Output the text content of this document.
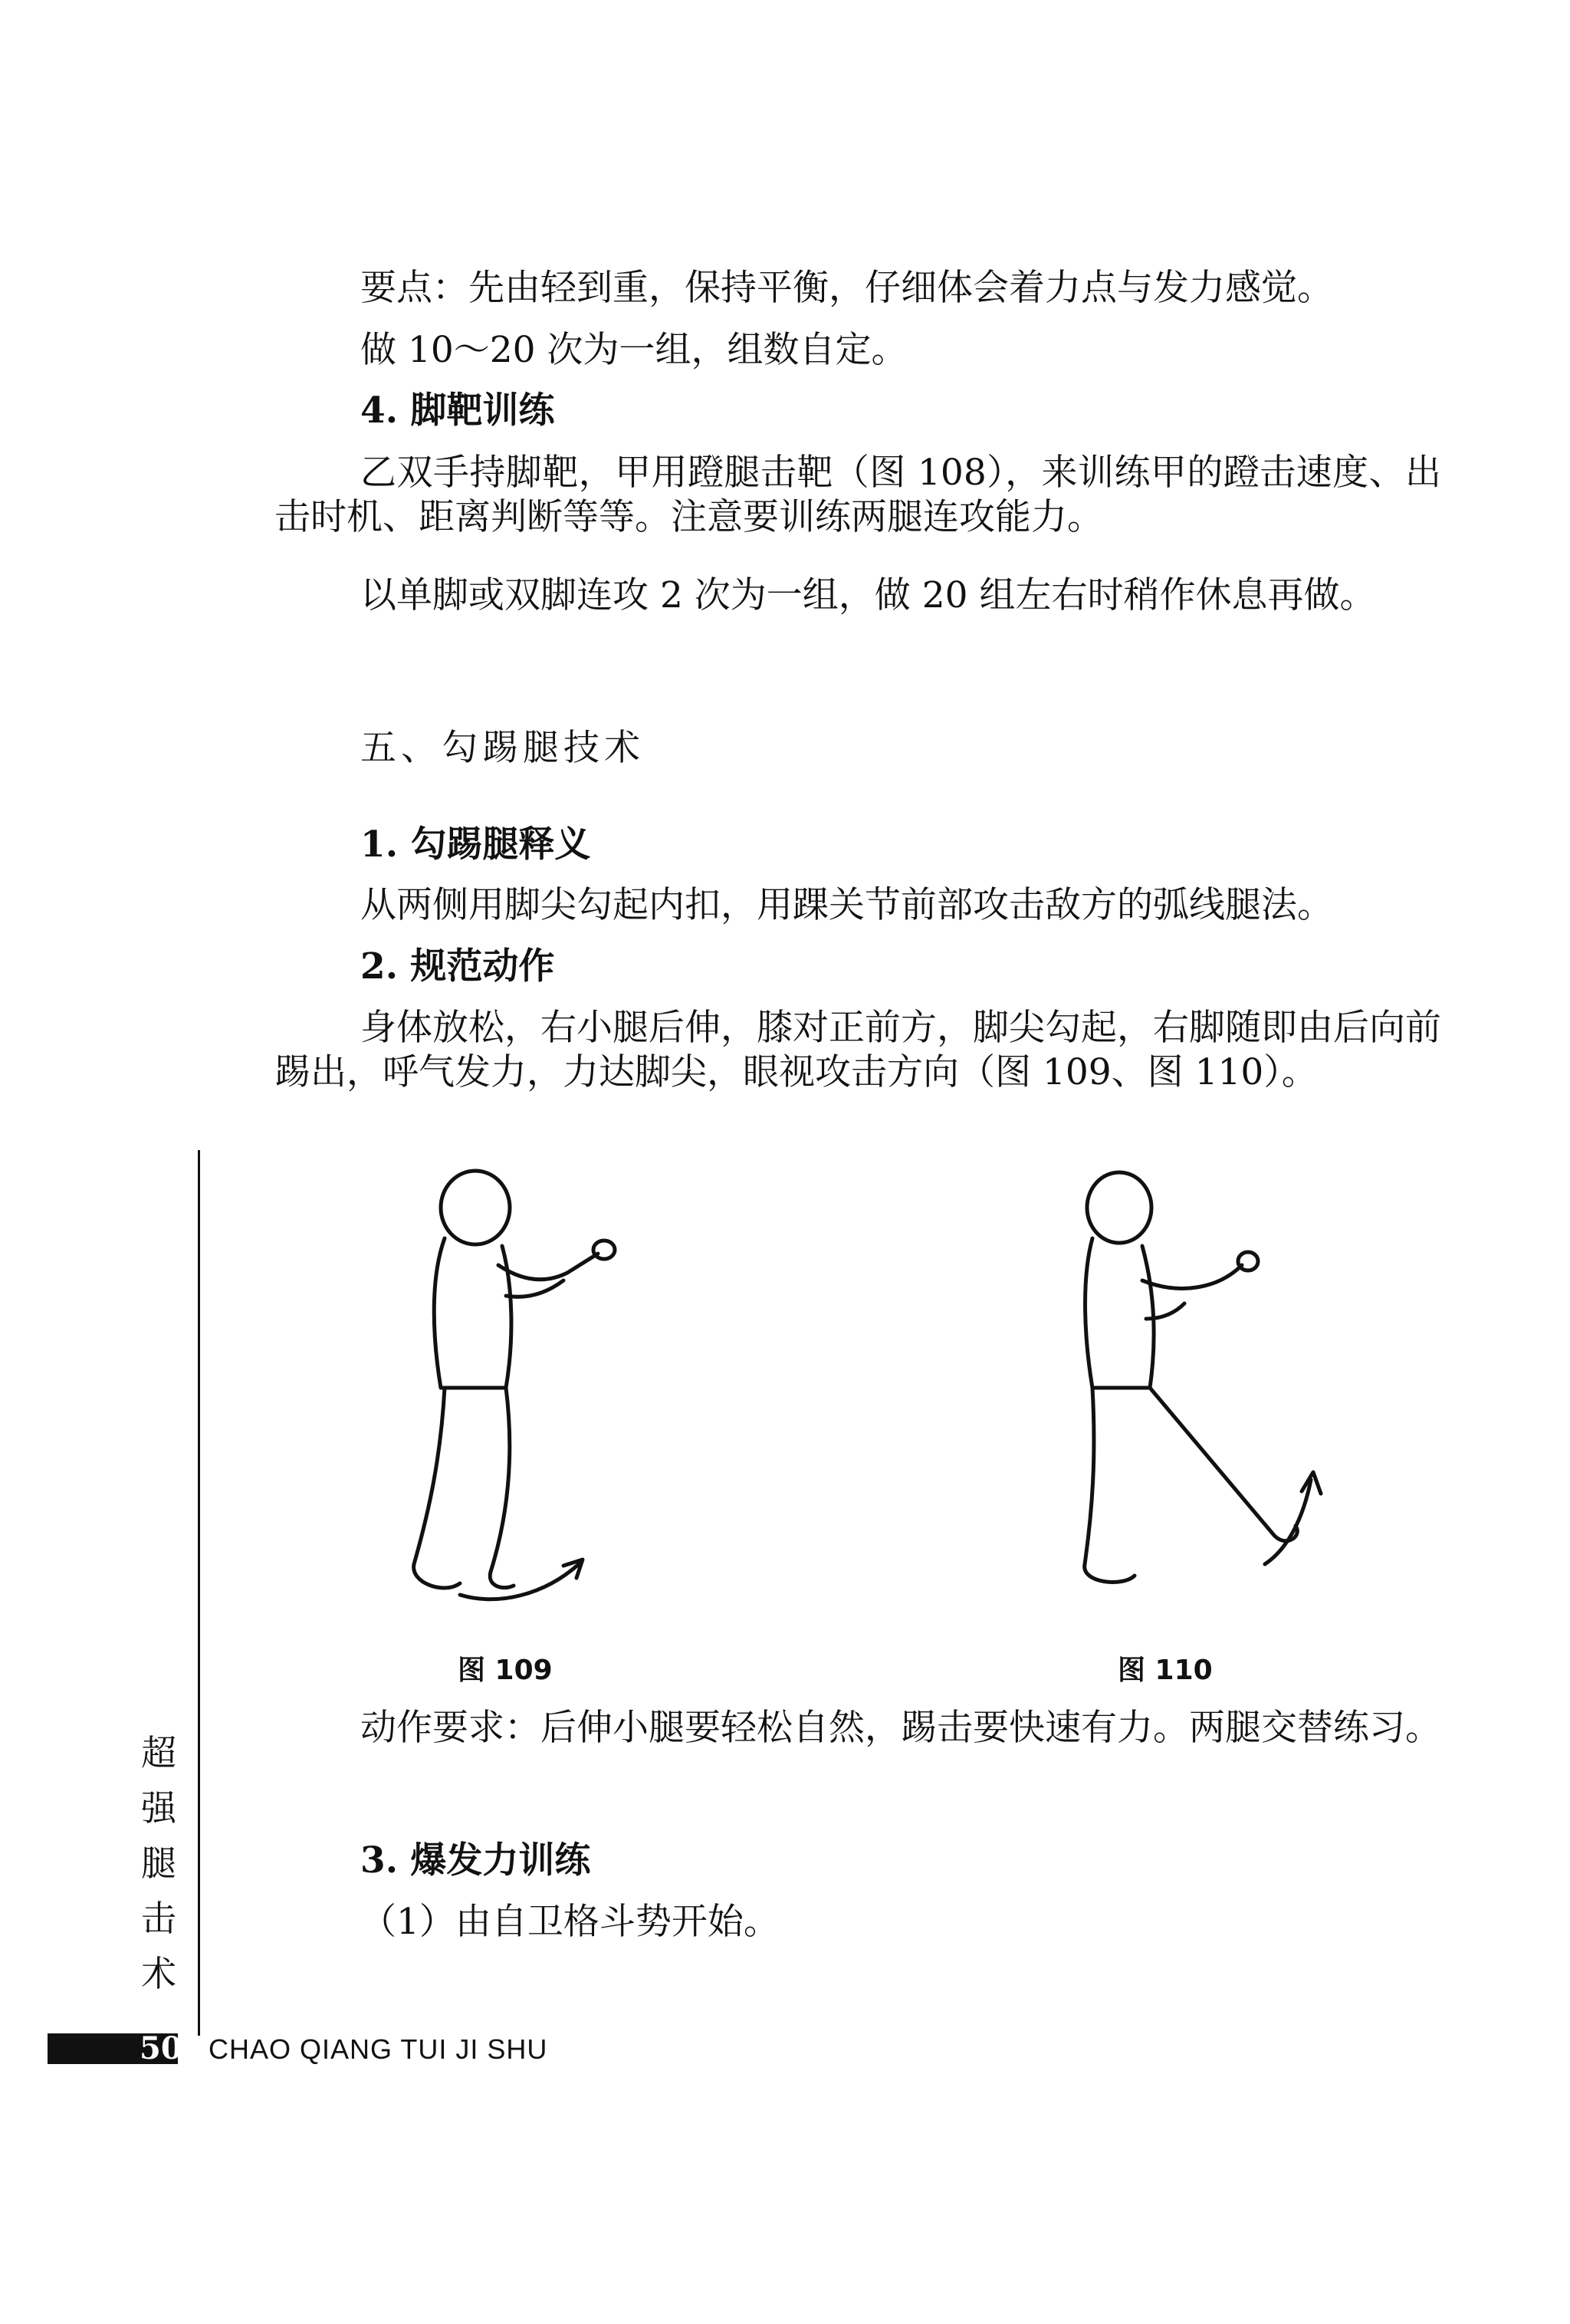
要点：先由轻到重，保持平衡，仔细体会着力点与发力感觉。

做 10～20 次为一组，组数自定。

4. 脚靶训练

乙双手持脚靶，甲用蹬腿击靶（图 108），来训练甲的蹬击速度、出击时机、距离判断等等。注意要训练两腿连攻能力。

以单脚或双脚连攻 2 次为一组，做 20 组左右时稍作休息再做。

五、勾踢腿技术

1. 勾踢腿释义

从两侧用脚尖勾起内扣，用踝关节前部攻击敌方的弧线腿法。

2. 规范动作

身体放松，右小腿后伸，膝对正前方，脚尖勾起，右脚随即由后向前踢出，呼气发力，力达脚尖，眼视攻击方向（图 109、图 110）。

图 109	图 110

动作要求：后伸小腿要轻松自然，踢击要快速有力。两腿交替练习。

3. 爆发力训练

（1）由自卫格斗势开始。

超强腿击术
50 CHAO QIANG TUI JI SHU
